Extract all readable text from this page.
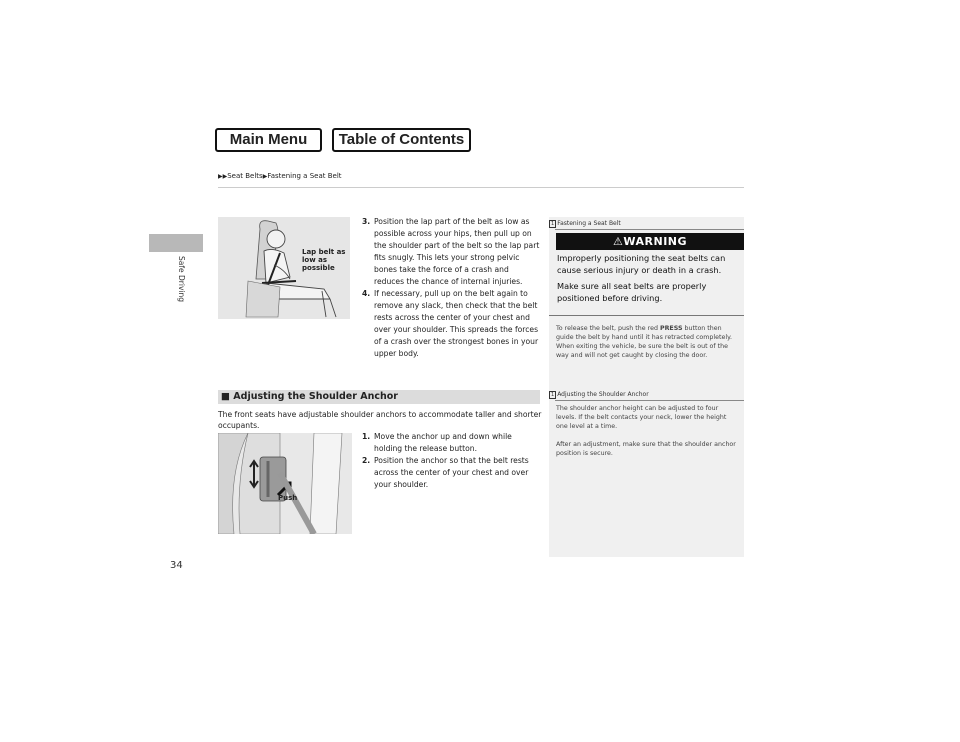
Main Menu	Table of Contents
▶▶Seat Belts▶Fastening a Seat Belt
Safe Driving
34
Lap belt as low as possible
3. Position the lap part of the belt as low as possible across your hips, then pull up on the shoulder part of the belt so the lap part fits snugly. This lets your strong pelvic bones take the force of a crash and reduces the chance of internal injuries.
4. If necessary, pull up on the belt again to remove any slack, then check that the belt rests across the center of your chest and over your shoulder. This spreads the forces of a crash over the strongest bones in your upper body.
■ Adjusting the Shoulder Anchor
The front seats have adjustable shoulder anchors to accommodate taller and shorter occupants.
Push
1. Move the anchor up and down while holding the release button.
2. Position the anchor so that the belt rests across the center of your chest and over your shoulder.
1 Fastening a Seat Belt
⚠WARNING

Improperly positioning the seat belts can cause serious injury or death in a crash.

Make sure all seat belts are properly positioned before driving.

To release the belt, push the red PRESS button then guide the belt by hand until it has retracted completely.

When exiting the vehicle, be sure the belt is out of the way and will not get caught by closing the door.

1 Adjusting the Shoulder Anchor

The shoulder anchor height can be adjusted to four levels. If the belt contacts your neck, lower the height one level at a time.

After an adjustment, make sure that the shoulder anchor position is secure.
